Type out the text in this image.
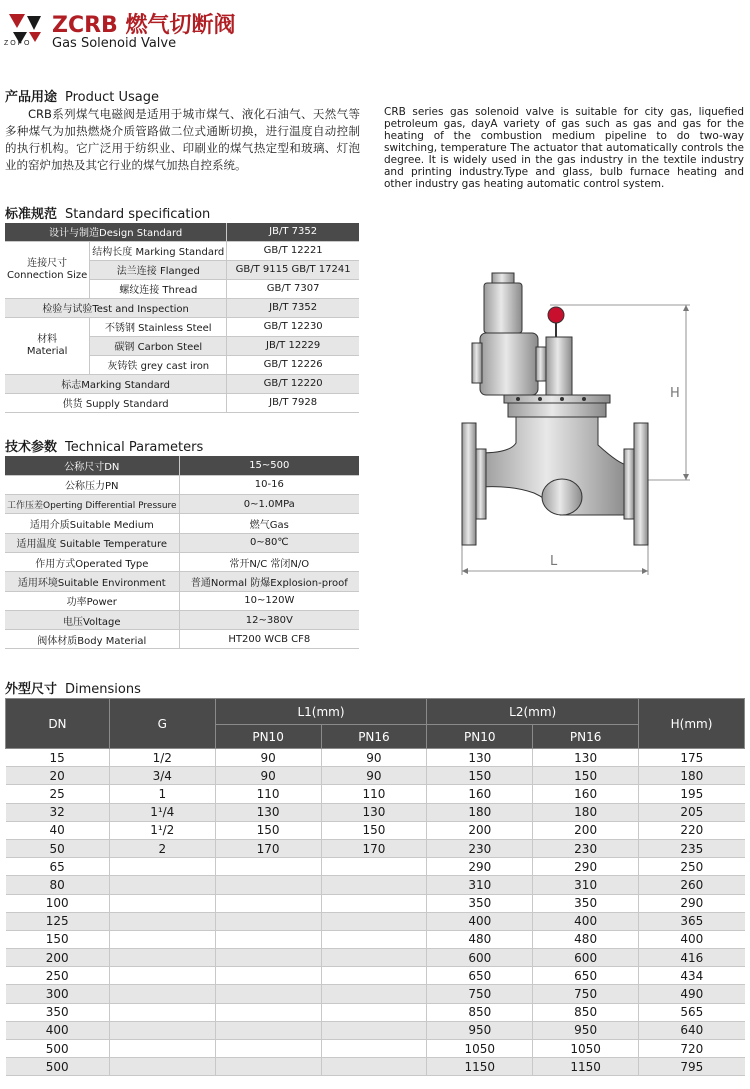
ZOFO
ZCRB 燃气切断阀
Gas Solenoid Valve
产品用途 Product Usage
CRB系列煤气电磁阀是适用于城市煤气、液化石油气、天然气等多种煤气为加热燃烧介质管路做二位式通断切换，进行温度自动控制的执行机构。它广泛用于纺织业、印刷业的煤气热定型和玻璃、灯泡业的窑炉加热及其它行业的煤气加热自控系统。
CRB series gas solenoid valve is suitable for city gas, liquefied petroleum gas, dayA variety of gas such as gas and gas for the heating of the combustion medium pipeline to do two-way switching, temperature The actuator that automatically controls the degree. It is widely used in the gas industry in the textile industry and printing industry.Type and glass, bulb furnace heating and other industry gas heating automatic control system.
标准规范 Standard specification
设计与制造Design Standard		JB/T 7352

连接尺寸
Connection Size	结构长度 Marking Standard	GB/T 12221
	法兰连接 Flanged	GB/T 9115 GB/T 17241
	螺纹连接 Thread	GB/T 7307
检验与试验Test and Inspection		JB/T 7352

材料
Material	不锈钢 Stainless Steel	GB/T 12230
	碳钢 Carbon Steel	JB/T 12229
	灰铸铁 grey cast iron	GB/T 12226
标志Marking Standard		GB/T 12220
供货 Supply Standard		JB/T 7928
技术参数 Technical Parameters
公称尺寸DN	15~500
公称压力PN	10-16
工作压差Operting Differential Pressure	0~1.0MPa
适用介质Suitable Medium	燃气Gas
适用温度 Suitable Temperature	0~80℃
作用方式Operated Type	常开N/C 常闭N/O
适用环境Suitable Environment	普通Normal 防爆Explosion-proof
功率Power	10~120W
电压Voltage	12~380V
阀体材质Body Material	HT200 WCB CF8
H
L
外型尺寸 Dimensions
DN	G	L1(mm)		L2(mm)		H(mm)
		PN10	PN16	PN10	PN16	
15	1/2	90	90	130	130	175
20	3/4	90	90	150	150	180
25	1	110	110	160	160	195
32	1¹/4	130	130	180	180	205
40	1¹/2	150	150	200	200	220
50	2	170	170	230	230	235
65				290	290	250
80				310	310	260
100				350	350	290
125				400	400	365
150				480	480	400
200				600	600	416
250				650	650	434
300				750	750	490
350				850	850	565
400				950	950	640
500				1050	1050	720
500				1150	1150	795
